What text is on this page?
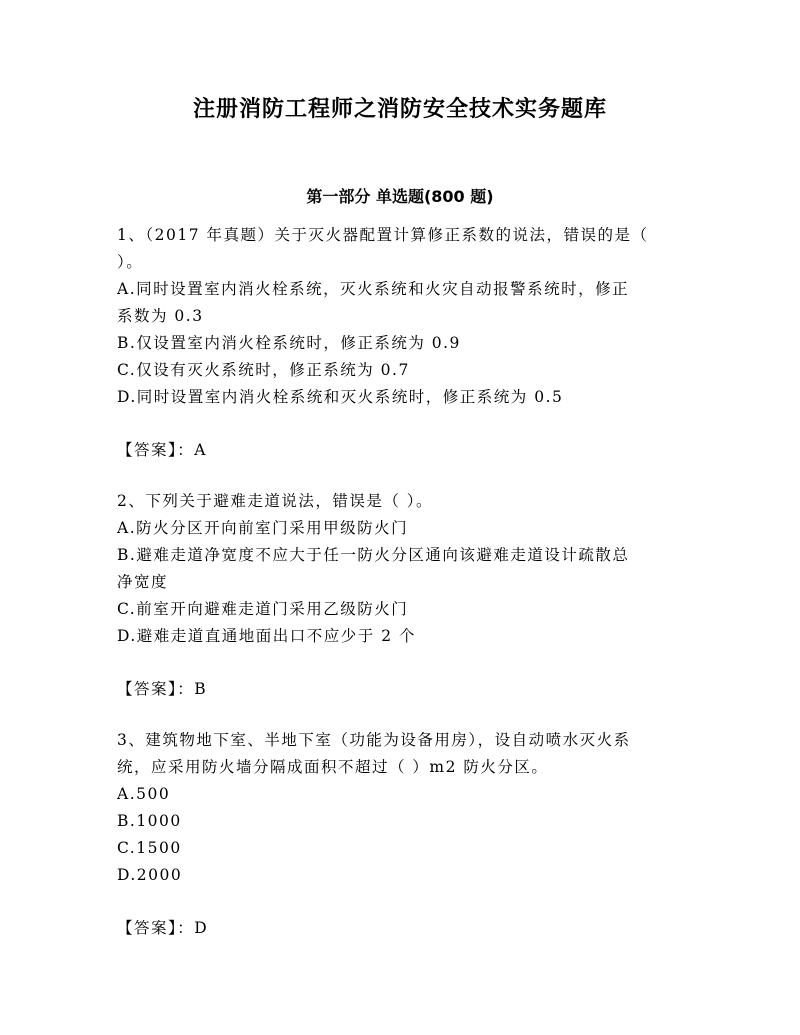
注册消防工程师之消防安全技术实务题库
第一部分 单选题(800 题)

1、（2017 年真题）关于灭火器配置计算修正系数的说法，错误的是（
）。

A.同时设置室内消火栓系统，灭火系统和火灾自动报警系统时，修正
系数为 0.3

B.仅设置室内消火栓系统时，修正系统为 0.9

C.仅设有灭火系统时，修正系统为 0.7

D.同时设置室内消火栓系统和灭火系统时，修正系统为 0.5

【答案】：A

2、下列关于避难走道说法，错误是（ ）。

A.防火分区开向前室门采用甲级防火门

B.避难走道净宽度不应大于任一防火分区通向该避难走道设计疏散总
净宽度

C.前室开向避难走道门采用乙级防火门

D.避难走道直通地面出口不应少于 2 个

【答案】：B

3、建筑物地下室、半地下室（功能为设备用房），设自动喷水灭火系
统，应采用防火墙分隔成面积不超过（ ）m2 防火分区。

A.500

B.1000

C.1500

D.2000

【答案】：D
